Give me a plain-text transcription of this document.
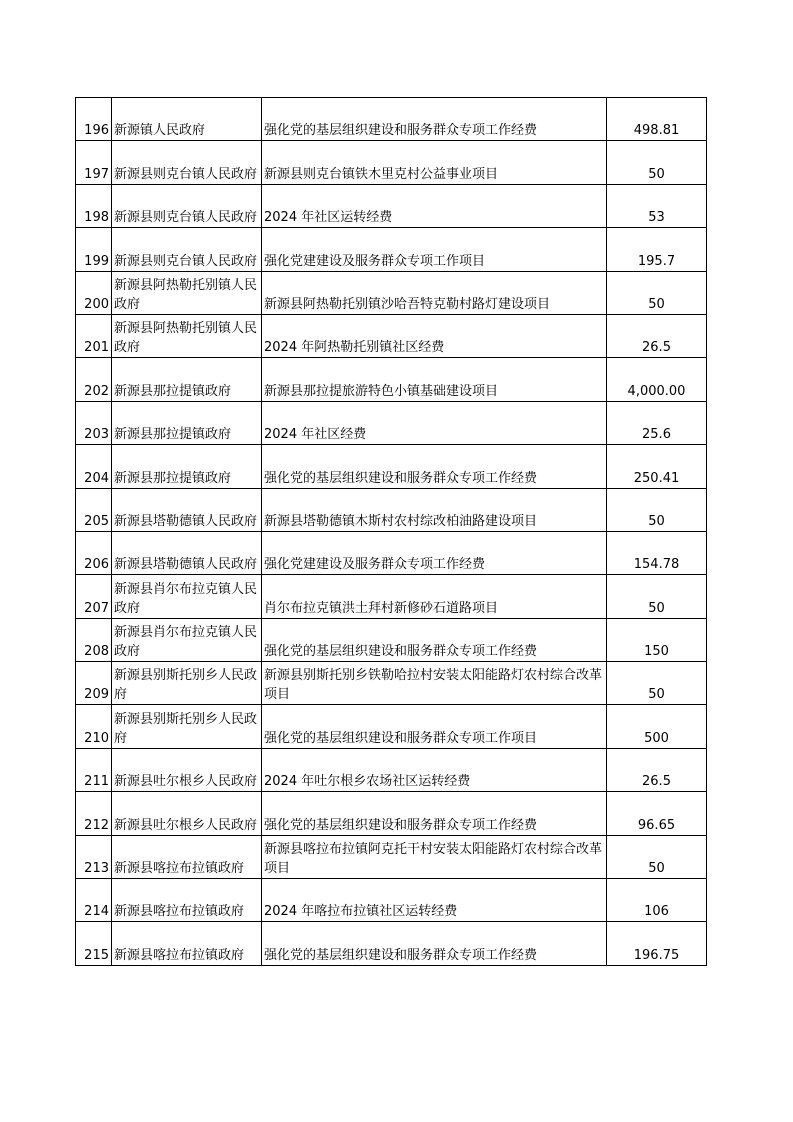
196	新源镇人民政府	强化党的基层组织建设和服务群众专项工作经费	498.81
197	新源县则克台镇人民政府	新源县则克台镇铁木里克村公益事业项目	50
198	新源县则克台镇人民政府	2024 年社区运转经费	53
199	新源县则克台镇人民政府	强化党建建设及服务群众专项工作项目	195.7
200	新源县阿热勒托别镇人民政府	新源县阿热勒托别镇沙哈吾特克勒村路灯建设项目	50
201	新源县阿热勒托别镇人民政府	2024 年阿热勒托别镇社区经费	26.5
202	新源县那拉提镇政府	新源县那拉提旅游特色小镇基础建设项目	4,000.00
203	新源县那拉提镇政府	2024 年社区经费	25.6
204	新源县那拉提镇政府	强化党的基层组织建设和服务群众专项工作经费	250.41
205	新源县塔勒德镇人民政府	新源县塔勒德镇木斯村农村综改柏油路建设项目	50
206	新源县塔勒德镇人民政府	强化党建建设及服务群众专项工作经费	154.78
207	新源县肖尔布拉克镇人民政府	肖尔布拉克镇洪土拜村新修砂石道路项目	50
208	新源县肖尔布拉克镇人民政府	强化党的基层组织建设和服务群众专项工作经费	150
209	新源县别斯托别乡人民政府	新源县别斯托别乡铁勒哈拉村安装太阳能路灯农村综合改革项目	50
210	新源县别斯托别乡人民政府	强化党的基层组织建设和服务群众专项工作项目	500
211	新源县吐尔根乡人民政府	2024 年吐尔根乡农场社区运转经费	26.5
212	新源县吐尔根乡人民政府	强化党的基层组织建设和服务群众专项工作经费	96.65
213	新源县喀拉布拉镇政府	新源县喀拉布拉镇阿克托干村安装太阳能路灯农村综合改革项目	50
214	新源县喀拉布拉镇政府	2024 年喀拉布拉镇社区运转经费	106
215	新源县喀拉布拉镇政府	强化党的基层组织建设和服务群众专项工作经费	196.75
